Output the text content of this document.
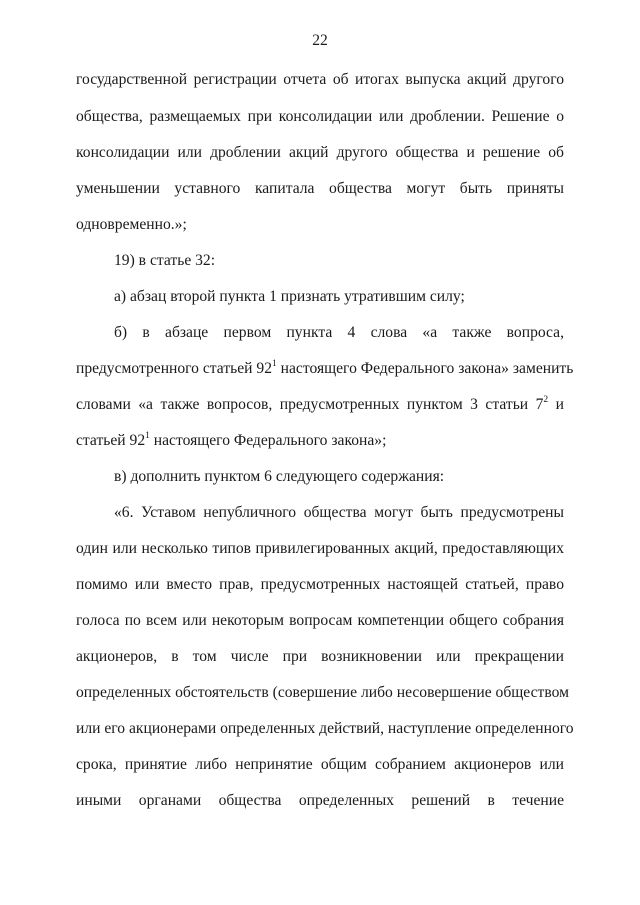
22
государственной регистрации отчета об итогах выпуска акций другого
общества, размещаемых при консолидации или дроблении. Решение о
консолидации или дроблении акций другого общества и решение об
уменьшении уставного капитала общества могут быть приняты
одновременно.»;
19) в статье 32:
а) абзац второй пункта 1 признать утратившим силу;
б) в абзаце первом пункта 4 слова «а также вопроса,
предусмотренного статьей $92^1$ настоящего Федерального закона» заменить
словами «а также вопросов, предусмотренных пунктом 3 статьи $7^2$ и
статьей $92^1$ настоящего Федерального закона»;
в) дополнить пунктом 6 следующего содержания:
«6. Уставом непубличного общества могут быть предусмотрены
один или несколько типов привилегированных акций, предоставляющих
помимо или вместо прав, предусмотренных настоящей статьей, право
голоса по всем или некоторым вопросам компетенции общего собрания
акционеров, в том числе при возникновении или прекращении
определенных обстоятельств (совершение либо несовершение обществом
или его акционерами определенных действий, наступление определенного
срока, принятие либо непринятие общим собранием акционеров или
иными органами общества определенных решений в течение
